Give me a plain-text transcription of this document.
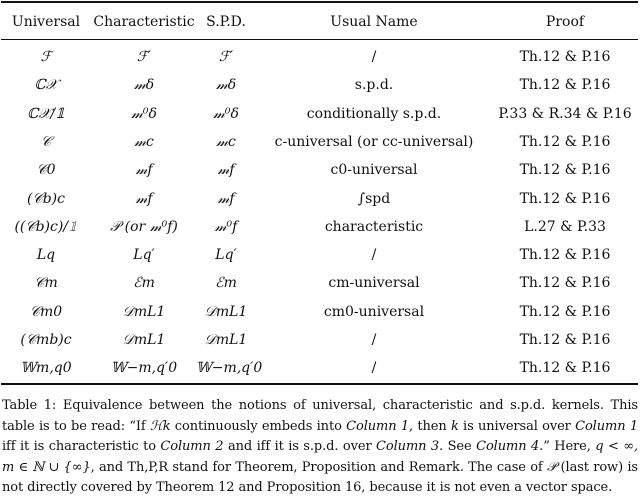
Universal Characteristic S.P.D.	Usual Name	Proof
ℱ	ℱ′	ℱ′	/	Th.12 & P.16
ℂ𝒳	𝓂δ	𝓂δ	s.p.d.	Th.12 & P.16
ℂ𝒳/𝟙	𝓂⁰δ	𝓂⁰δ	conditionally s.p.d.	P.33 & R.34 & P.16
𝒞	𝓂c	𝓂c	c-universal (or cc-universal)	Th.12 & P.16
𝒞0	𝓂f	𝓂f	c0-universal	Th.12 & P.16
(𝒞b)c	𝓂f	𝓂f	∫spd	Th.12 & P.16
((𝒞b)c)/𝟙	𝒫 (or 𝓂⁰f)	𝓂⁰f	characteristic	L.27 & P.33
Lq	Lq′	Lq′	/	Th.12 & P.16
𝒞m	ℰm	ℰm	cm-universal	Th.12 & P.16
𝒞m0	𝒟mL1	𝒟mL1	cm0-universal	Th.12 & P.16
(𝒞mb)c	𝒟mL1	𝒟mL1	/	Th.12 & P.16
𝕎m,q0	𝕎−m,q′0	𝕎−m,q′0	/	Th.12 & P.16
Table 1: Equivalence between the notions of universal, characteristic and s.p.d. kernels. This table is to be read: “If ℋk continuously embeds into Column 1, then k is universal over Column 1 iff it is characteristic to Column 2 and iff it is s.p.d. over Column 3. See Column 4.” Here, q < ∞, m ∈ ℕ ∪ {∞}, and Th,P,R stand for Theorem, Proposition and Remark. The case of 𝒫 (last row) is not directly covered by Theorem 12 and Proposition 16, because it is not even a vector space.
